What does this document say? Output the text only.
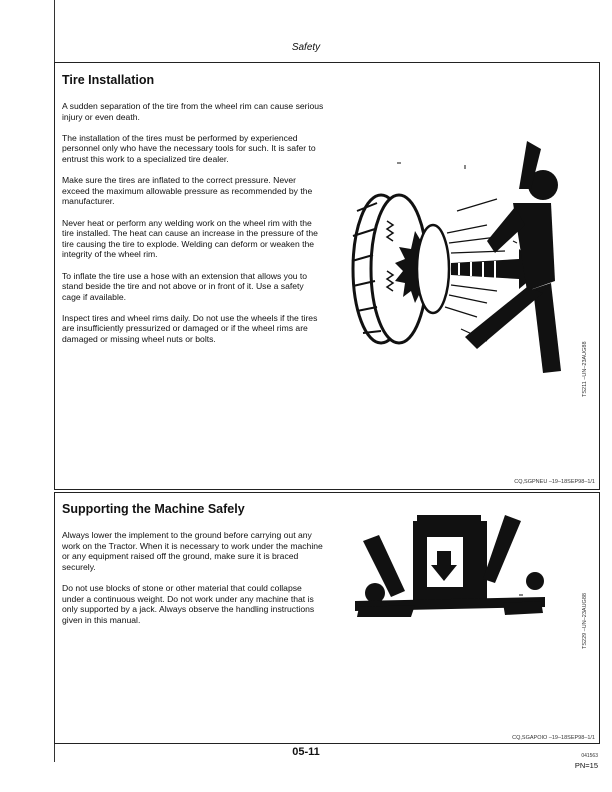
Safety
Tire Installation

A sudden separation of the tire from the wheel rim can cause serious injury or even death.

The installation of the tires must be performed by experienced personnel only who have the necessary tools for such. It is safer to entrust this work to a specialized tire dealer.

Make sure the tires are inflated to the correct pressure. Never exceed the maximum allowable pressure as recommended by the manufacturer.

Never heat or perform any welding work on the wheel rim with the tire installed. The heat can cause an increase in the pressure of the tire causing the tire to explode. Welding can deform or weaken the integrity of the wheel rim.

To inflate the tire use a hose with an extension that allows you to stand beside the tire and not above or in front of it. Use a safety cage if available.

Inspect tires and wheel rims daily. Do not use the wheels if the tires are insufficiently pressurized or damaged or if the wheel rims are damaged or missing wheel nuts or bolts.

TS211 –UN–23AUG88
CQ,SGPNEU –19–18SEP98–1/1
Supporting the Machine Safely

Always lower the implement to the ground before carrying out any work on the Tractor. When it is necessary to work under the machine or any equipment raised off the ground, make sure it is braced securely.

Do not use blocks of stone or other material that could collapse under a continuous weight. Do not work under any machine that is only supported by a jack. Always observe the handling instructions given in this manual.	TS229 –UN–23AUG88
CQ,SGAPOIO –19–18SEP98–1/1
05-11	041563
PN=15
